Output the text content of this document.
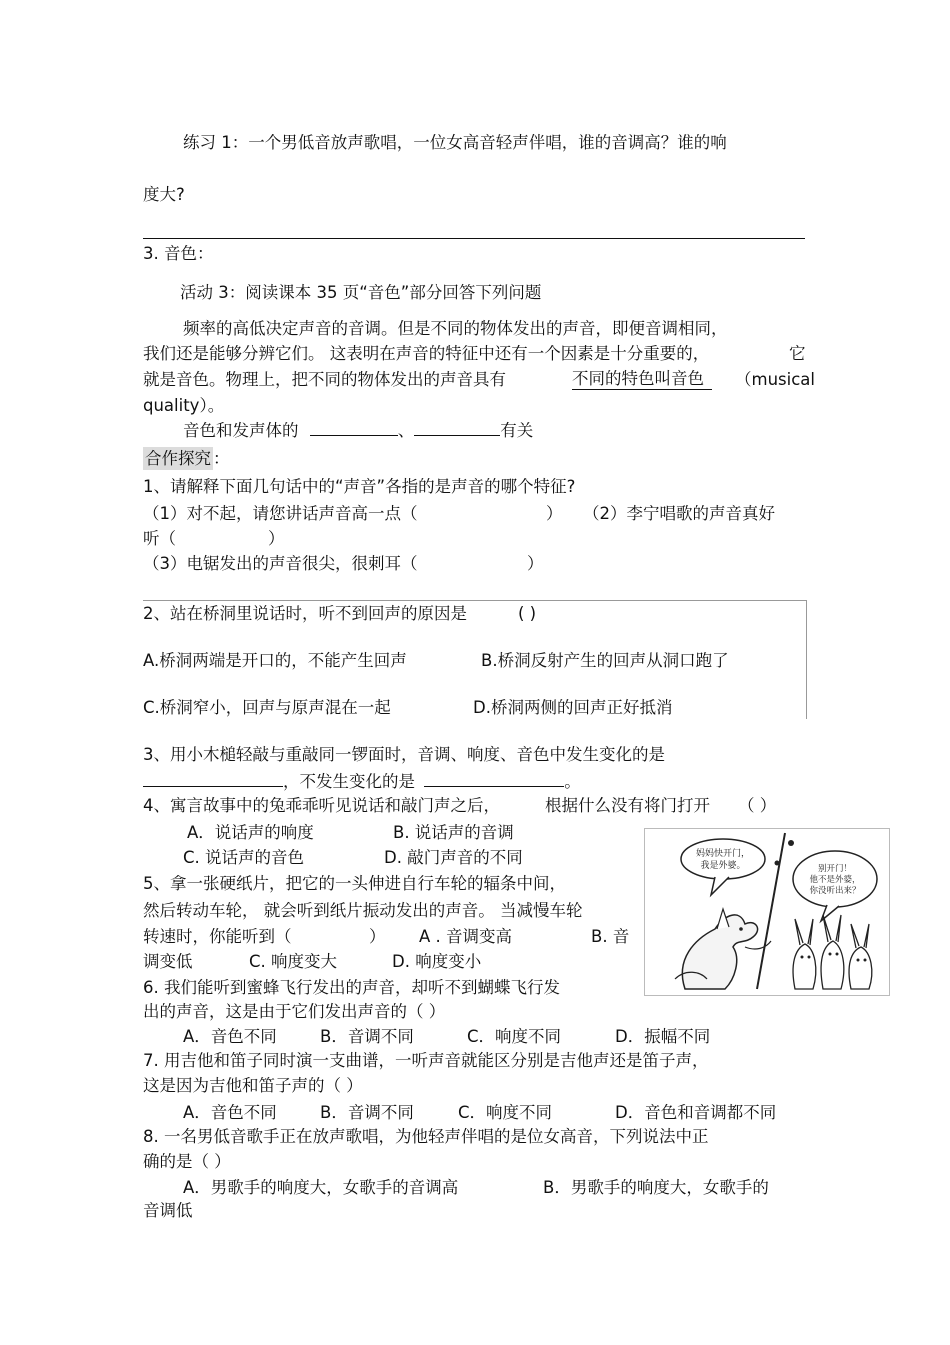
练习 1：一个男低音放声歌唱，一位女高音轻声伴唱，谁的音调高？谁的响
度大?
3. 音色：
活动 3：阅读课本 35 页“音色”部分回答下列问题
频率的高低决定声音的音调。但是不同的物体发出的声音，即便音调相同，
我们还是能够分辨它们。 这表明在声音的特征中还有一个因素是十分重要的，	它
就是音色。物理上，把不同的物体发出的声音具有	不同的特色叫音色	（musical
quality）。
音色和发声体的	、	有关
合作探究 ：
1、请解释下面几句话中的“声音”各指的是声音的哪个特征?
（1）对不起，请您讲话声音高一点（	） （2）李宁唱歌的声音真好
听（	）
（3）电锯发出的声音很尖，很刺耳（	）
2、站在桥洞里说话时，听不到回声的原因是	( )
A.桥洞两端是开口的，不能产生回声	B.桥洞反射产生的回声从洞口跑了
C.桥洞窄小，回声与原声混在一起	D.桥洞两侧的回声正好抵消
3、用小木槌轻敲与重敲同一锣面时，音调、响度、音色中发生变化的是
，不发生变化的是	。
4、寓言故事中的兔乖乖听见说话和敲门声之后，	根据什么没有将门打开 （ ）
A．说话声的响度	B. 说话声的音调
C. 说话声的音色	D. 敲门声音的不同	妈妈快开门，
我是外婆。	别开门！
他不是外婆，
你没听出来？
5、拿一张硬纸片，把它的一头伸进自行车轮的辐条中间，
然后转动车轮， 就会听到纸片振动发出的声音。 当减慢车轮
转速时，你能听到（	） A . 音调变高	B. 音
调变低	C. 响度变大	D. 响度变小
6. 我们能听到蜜蜂飞行发出的声音，却听不到蝴蝶飞行发
出的声音，这是由于它们发出声音的（ ）
A．音色不同	B．音调不同	C．响度不同	D．振幅不同
7. 用吉他和笛子同时演一支曲谱，一听声音就能区分别是吉他声还是笛子声，
这是因为吉他和笛子声的（ ）
A．音色不同	B．音调不同	C．响度不同	D．音色和音调都不同
8. 一名男低音歌手正在放声歌唱，为他轻声伴唱的是位女高音，下列说法中正
确的是（ ）
A．男歌手的响度大，女歌手的音调高	B．男歌手的响度大，女歌手的
音调低
